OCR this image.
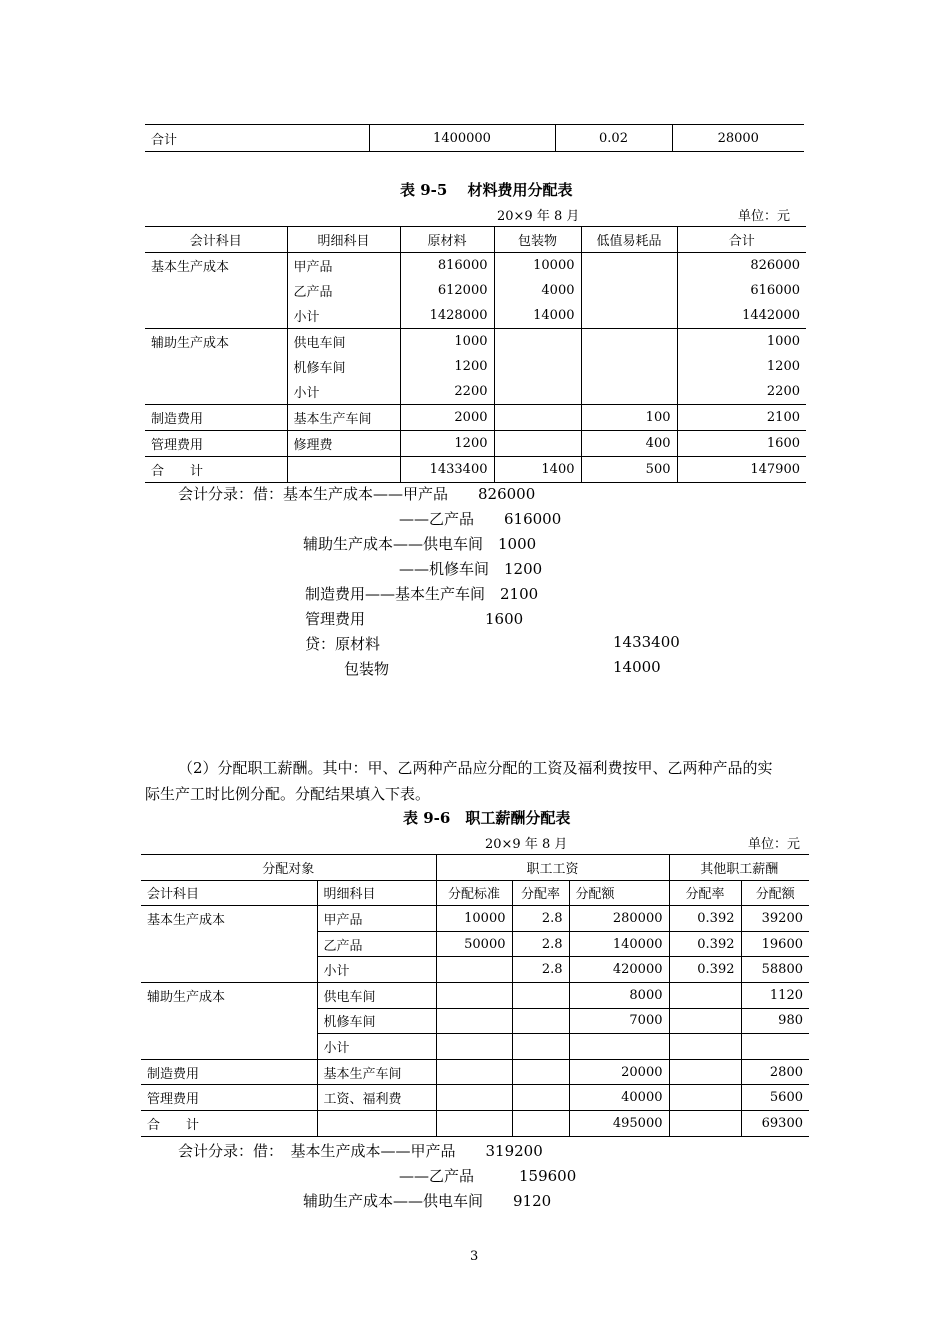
合计	1400000	0.02	28000
表 9-5　 材料费用分配表
20×9 年 8 月	单位：元
会计科目	明细科目	原材料	包装物	低值易耗品	合计
基本生产成本	甲产品	816000	10000		826000
	乙产品	612000	4000		616000
	小计	1428000	14000		1442000
辅助生产成本	供电车间	1000			1000
	机修车间	1200			1200
	小计	2200			2200
制造费用	基本生产车间	2000		100	2100
管理费用	修理费	1200		400	1600
合　　计		1433400	1400	500	147900
会计分录：借：基本生产成本——甲产品　　826000
——乙产品　　616000
辅助生产成本——供电车间　1000
——机修车间　1200
制造费用——基本生产车间　2100
管理费用　　　　　　　　1600
贷：原材料	1433400
包装物	14000
（2）分配职工薪酬。其中：甲、乙两种产品应分配的工资及福利费按甲、乙两种产品的实
际生产工时比例分配。分配结果填入下表。
表 9-6　职工薪酬分配表
20×9 年 8 月	单位：元
分配对象		职工工资			其他职工薪酬	
会计科目	明细科目	分配标准	分配率	分配额	分配率	分配额
基本生产成本	甲产品	10000	2.8	280000	0.392	39200
	乙产品	50000	2.8	140000	0.392	19600
	小计		2.8	420000	0.392	58800
辅助生产成本	供电车间			8000		1120
	机修车间			7000		980
	小计					
制造费用	基本生产车间			20000		2800
管理费用	工资、福利费			40000		5600
合　　计				495000		69300
会计分录：借：　基本生产成本——甲产品　　319200
——乙产品　　　159600
辅助生产成本——供电车间　　9120
3
